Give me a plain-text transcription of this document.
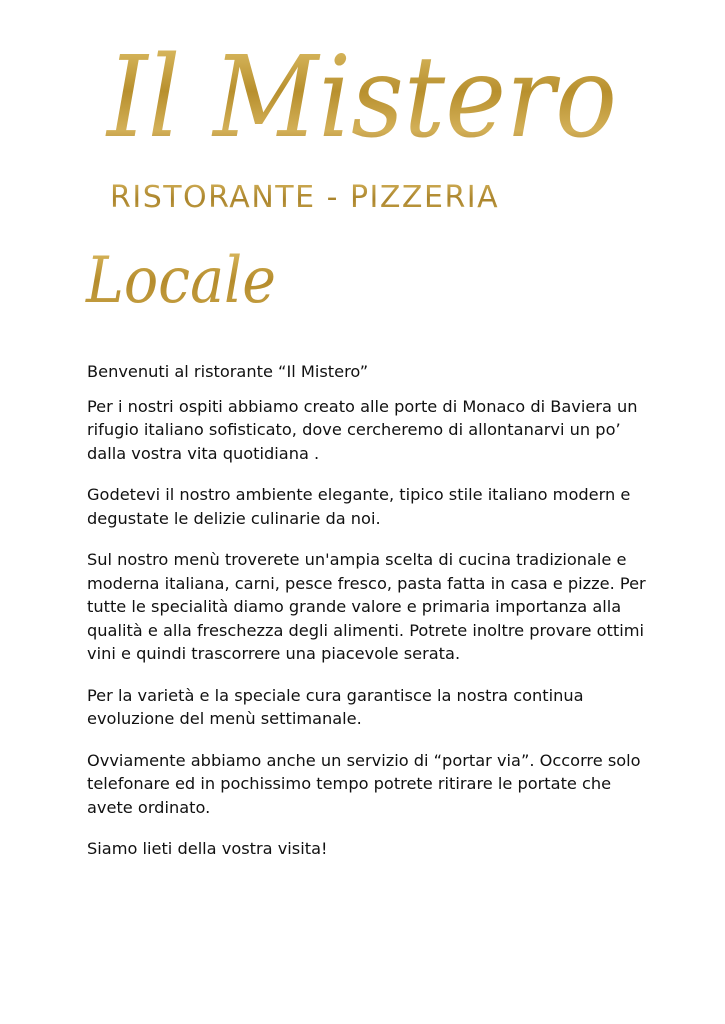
Il Mistero
RISTORANTE - PIZZERIA
Locale

Benvenuti al ristorante “Il Mistero”

Per i nostri ospiti abbiamo creato alle porte di Monaco di Baviera un rifugio italiano sofisticato, dove cercheremo di allontanarvi un po’ dalla vostra vita quotidiana .

Godetevi il nostro ambiente elegante, tipico stile italiano modern e degustate le delizie culinarie da noi.

Sul nostro menù troverete un'ampia scelta di cucina tradizionale e moderna italiana, carni, pesce fresco, pasta fatta in casa e pizze. Per tutte le specialità diamo grande valore e primaria importanza alla qualità e alla freschezza degli alimenti. Potrete inoltre provare ottimi vini e quindi trascorrere una piacevole serata.

Per la varietà e la speciale cura garantisce la nostra continua evoluzione del menù settimanale.

Ovviamente abbiamo anche un servizio di “portar via”. Occorre solo telefonare ed in pochissimo tempo potrete ritirare le portate che avete ordinato.

Siamo lieti della vostra visita!
